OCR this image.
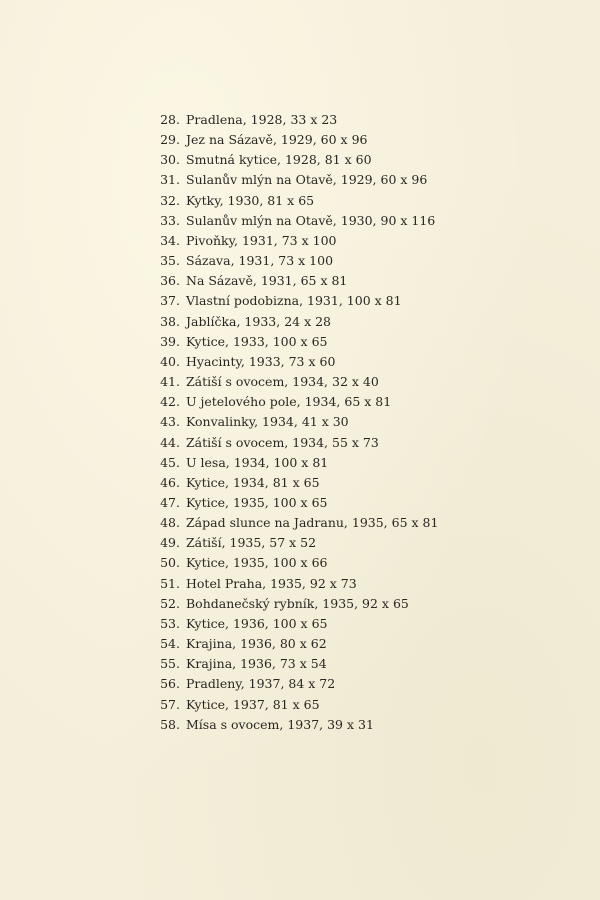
28. Pradlena, 1928, 33 x 23
29. Jez na Sázavě, 1929, 60 x 96
30. Smutná kytice, 1928, 81 x 60
31. Sulanův mlýn na Otavě, 1929, 60 x 96
32. Kytky, 1930, 81 x 65
33. Sulanův mlýn na Otavě, 1930, 90 x 116
34. Pivoňky, 1931, 73 x 100
35. Sázava, 1931, 73 x 100
36. Na Sázavě, 1931, 65 x 81
37. Vlastní podobizna, 1931, 100 x 81
38. Jablíčka, 1933, 24 x 28
39. Kytice, 1933, 100 x 65
40. Hyacinty, 1933, 73 x 60
41. Zátiší s ovocem, 1934, 32 x 40
42. U jetelového pole, 1934, 65 x 81
43. Konvalinky, 1934, 41 x 30
44. Zátiší s ovocem, 1934, 55 x 73
45. U lesa, 1934, 100 x 81
46. Kytice, 1934, 81 x 65
47. Kytice, 1935, 100 x 65
48. Západ slunce na Jadranu, 1935, 65 x 81
49. Zátiší, 1935, 57 x 52
50. Kytice, 1935, 100 x 66
51. Hotel Praha, 1935, 92 x 73
52. Bohdanečský rybník, 1935, 92 x 65
53. Kytice, 1936, 100 x 65
54. Krajina, 1936, 80 x 62
55. Krajina, 1936, 73 x 54
56. Pradleny, 1937, 84 x 72
57. Kytice, 1937, 81 x 65
58. Mísa s ovocem, 1937, 39 x 31
